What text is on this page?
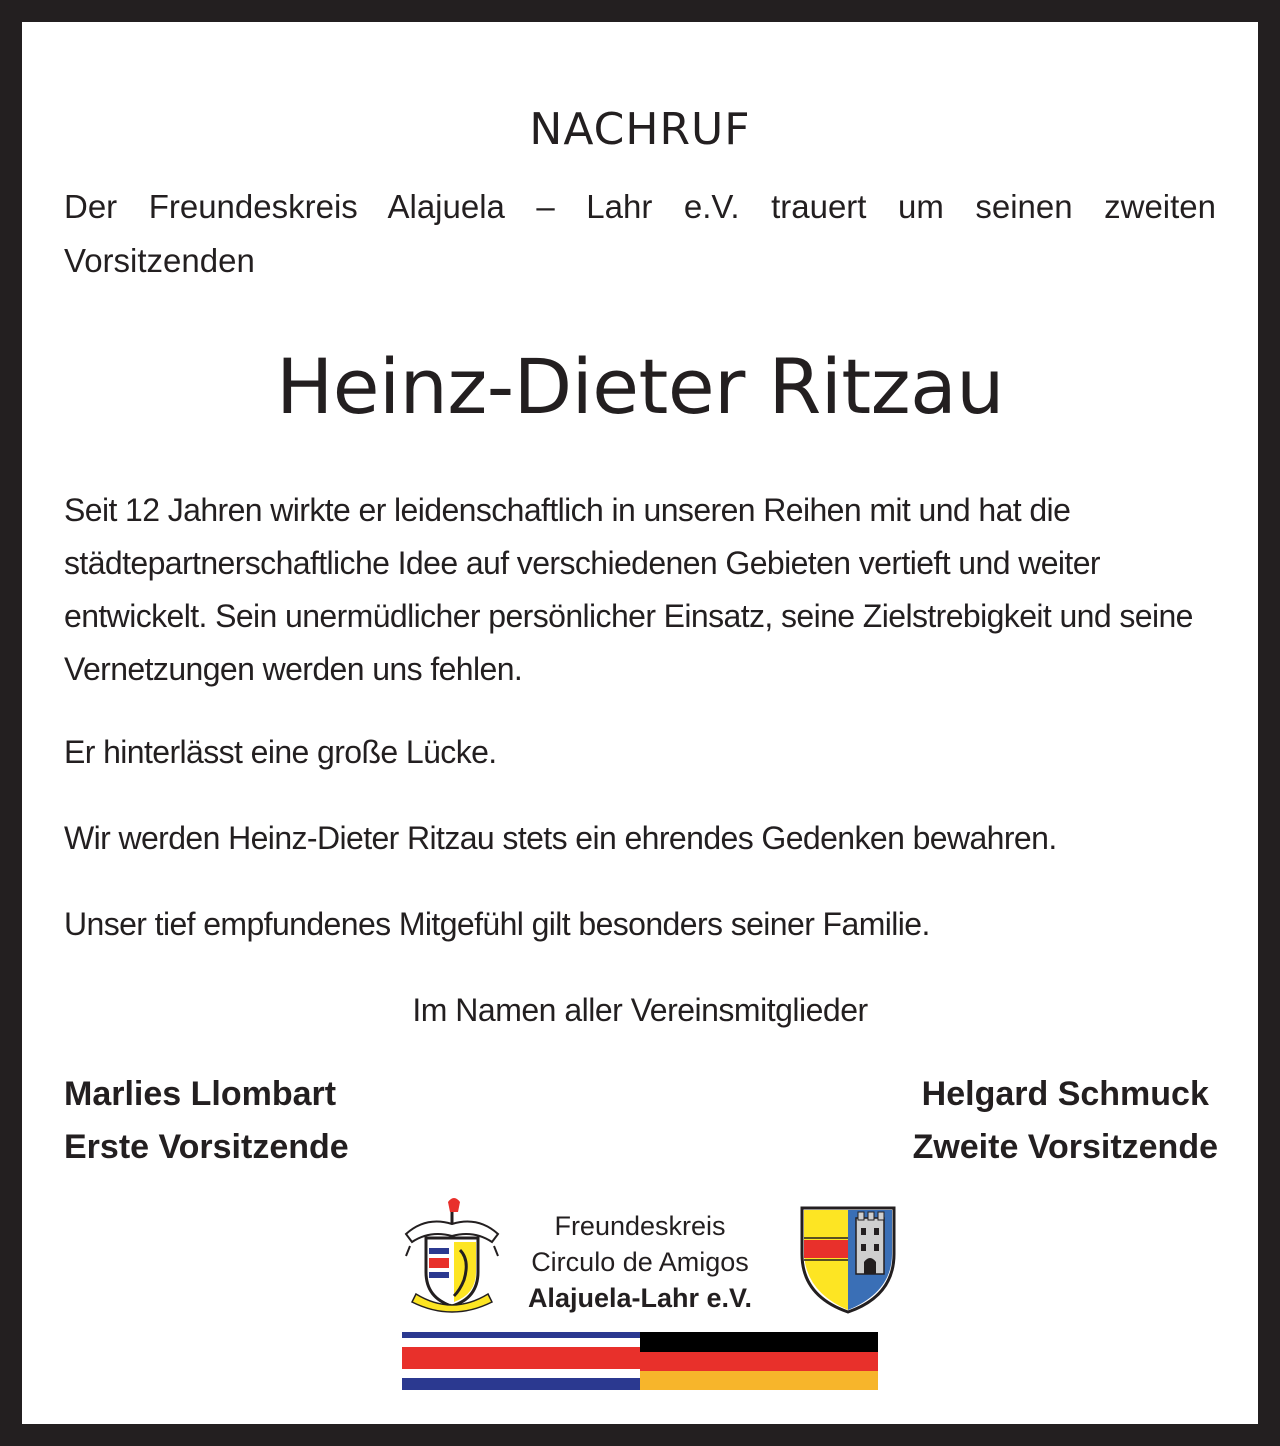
NACHRUF

Der Freundeskreis Alajuela – Lahr e.V. trauert um seinen zweiten Vorsitzenden

Heinz-Dieter Ritzau

Seit 12 Jahren wirkte er leidenschaftlich in unseren Reihen mit und hat die städtepartnerschaftliche Idee auf verschiedenen Gebieten vertieft und weiter entwickelt. Sein unermüdlicher persönlicher Einsatz, seine Zielstrebigkeit und seine Vernetzungen werden uns fehlen.

Er hinterlässt eine große Lücke.

Wir werden Heinz-Dieter Ritzau stets ein ehrendes Gedenken bewahren.

Unser tief empfundenes Mitgefühl gilt besonders seiner Familie.

Im Namen aller Vereinsmitglieder

Marlies Llombart
Erste Vorsitzende
Helgard Schmuck
Zweite Vorsitzende
Freundeskreis
Circulo de Amigos
Alajuela-Lahr e.V.
